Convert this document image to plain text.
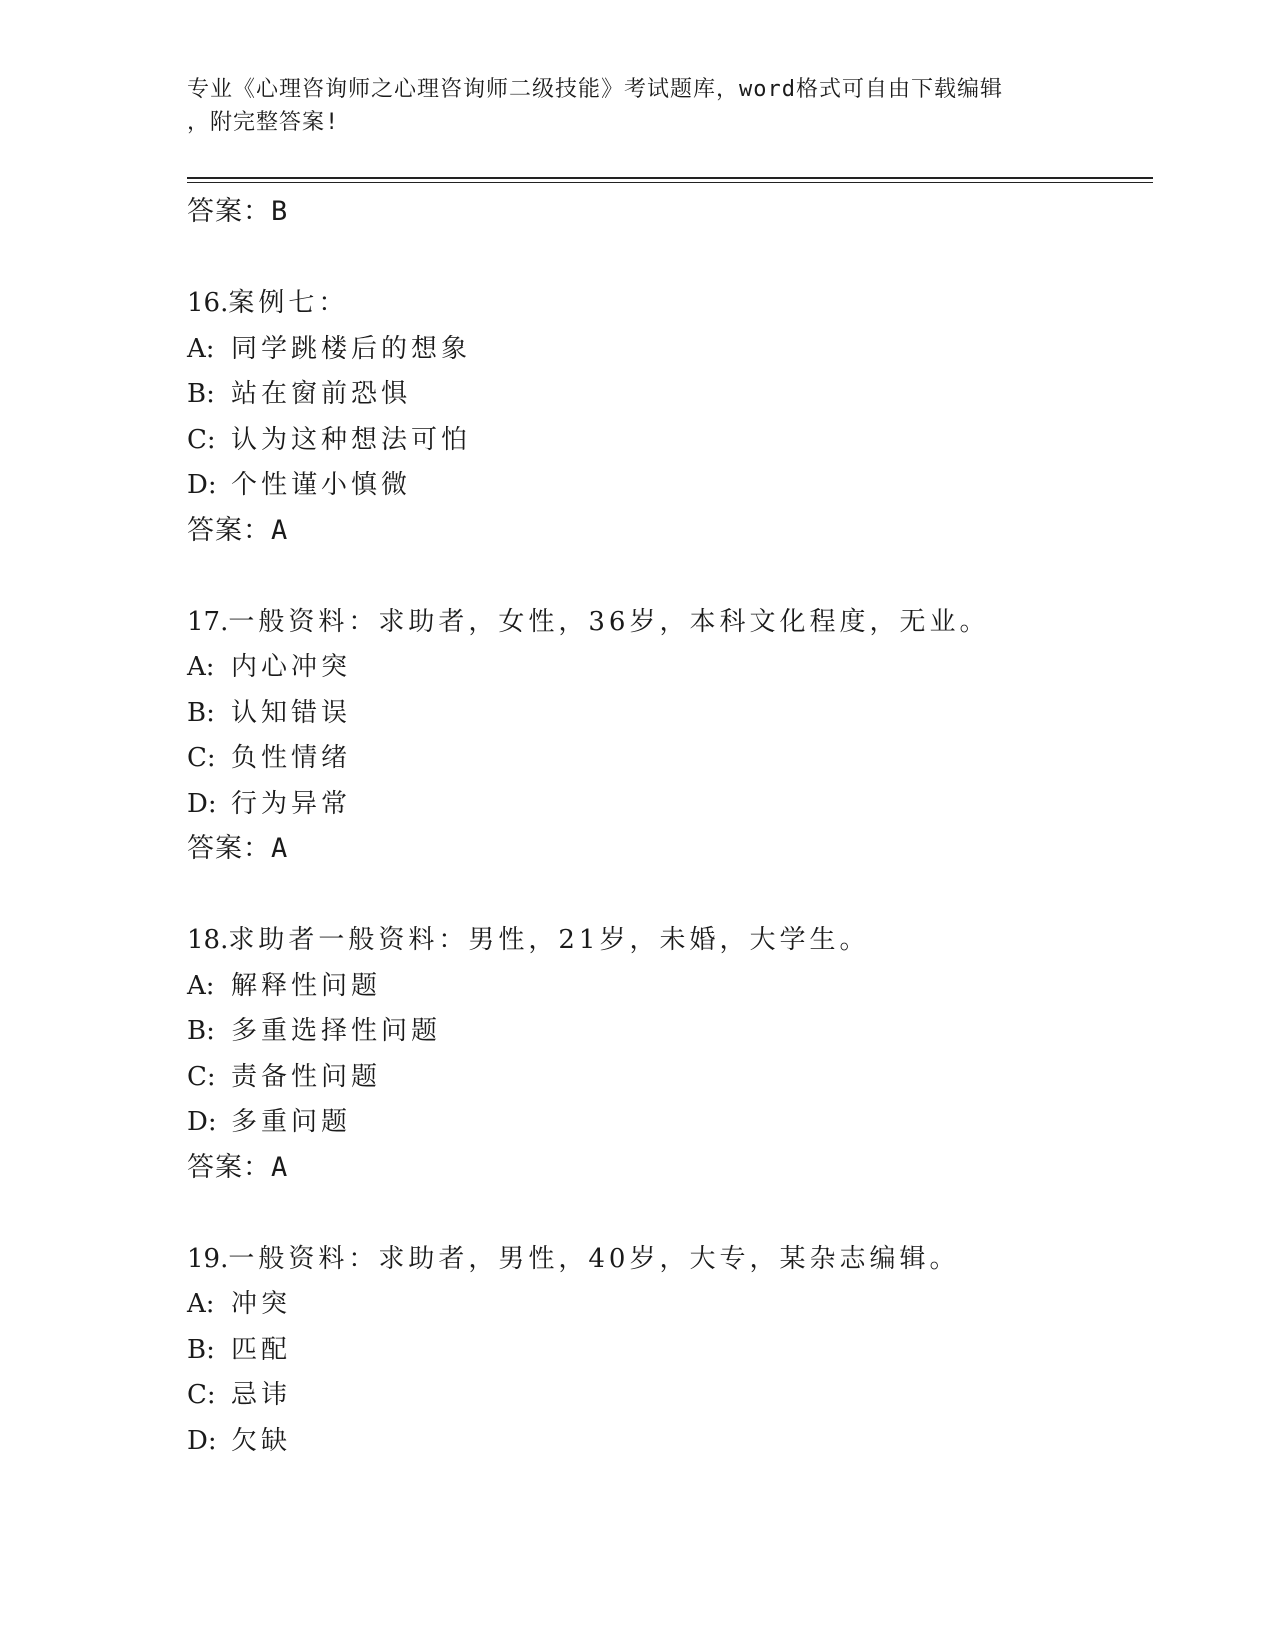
专业《心理咨询师之心理咨询师二级技能》考试题库，word格式可自由下载编辑
，附完整答案!
答案：B
16.案例七：
A: 同学跳楼后的想象
B: 站在窗前恐惧
C: 认为这种想法可怕
D: 个性谨小慎微
答案：A
17.一般资料：求助者，女性，36岁，本科文化程度，无业。
A: 内心冲突
B: 认知错误
C: 负性情绪
D: 行为异常
答案：A
18.求助者一般资料：男性，21岁，未婚，大学生。
A: 解释性问题
B: 多重选择性问题
C: 责备性问题
D: 多重问题
答案：A
19.一般资料：求助者，男性，40岁，大专，某杂志编辑。
A: 冲突
B: 匹配
C: 忌讳
D: 欠缺
